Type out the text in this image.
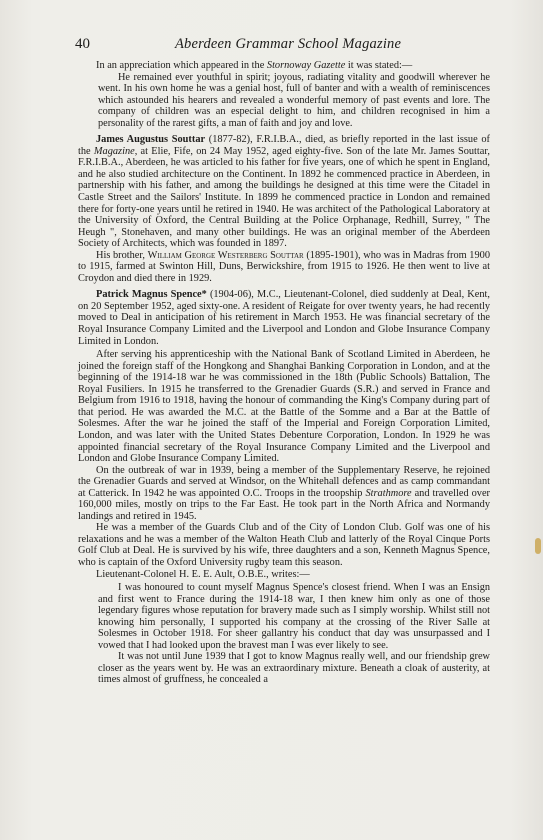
40	Aberdeen Grammar School Magazine

In an appreciation which appeared in the Stornoway Gazette it was stated:—

He remained ever youthful in spirit; joyous, radiating vitality and goodwill wherever he went. In his own home he was a genial host, full of banter and with a wealth of reminiscences which astounded his hearers and revealed a wonderful memory of past events and lore. The company of children was an especial delight to him, and children recognised in him a personality of the rarest gifts, a man of faith and joy and love.

James Augustus Souttar (1877-82), F.R.I.B.A., died, as briefly reported in the last issue of the Magazine, at Elie, Fife, on 24 May 1952, aged eighty-five. Son of the late Mr. James Souttar, F.R.I.B.A., Aberdeen, he was articled to his father for five years, one of which he spent in England, and he also studied architecture on the Continent. In 1892 he commenced practice in Aberdeen, in partnership with his father, and among the buildings he designed at this time were the Citadel in Castle Street and the Sailors' Institute. In 1899 he commenced practice in London and remained there for forty-one years until he retired in 1940. He was architect of the Pathological Laboratory at the University of Oxford, the Central Building at the Police Orphanage, Redhill, Surrey, " The Heugh ", Stonehaven, and many other buildings. He was an original member of the Aberdeen Society of Architects, which was founded in 1897.

His brother, William George Westerberg Souttar (1895-1901), who was in Madras from 1900 to 1915, farmed at Swinton Hill, Duns, Berwickshire, from 1915 to 1926. He then went to live at Croydon and died there in 1929.

Patrick Magnus Spence* (1904-06), M.C., Lieutenant-Colonel, died suddenly at Deal, Kent, on 20 September 1952, aged sixty-one. A resident of Reigate for over twenty years, he had recently moved to Deal in anticipation of his retirement in March 1953. He was financial secretary of the Royal Insurance Company Limited and the Liverpool and London and Globe Insurance Company Limited in London.

After serving his apprenticeship with the National Bank of Scotland Limited in Aberdeen, he joined the foreign staff of the Hongkong and Shanghai Banking Corporation in London, and at the beginning of the 1914-18 war he was commissioned in the 18th (Public Schools) Battalion, The Royal Fusiliers. In 1915 he transferred to the Grenadier Guards (S.R.) and served in France and Belgium from 1916 to 1918, having the honour of commanding the King's Company during part of that period. He was awarded the M.C. at the Battle of the Somme and a Bar at the Battle of Solesmes. After the war he joined the staff of the Imperial and Foreign Corporation Limited, London, and was later with the United States Debenture Corporation, London. In 1929 he was appointed financial secretary of the Royal Insurance Company Limited and the Liverpool and London and Globe Insurance Company Limited.

On the outbreak of war in 1939, being a member of the Supplementary Reserve, he rejoined the Grenadier Guards and served at Windsor, on the Whitehall defences and as camp commandant at Catterick. In 1942 he was appointed O.C. Troops in the troopship Strathmore and travelled over 160,000 miles, mostly on trips to the Far East. He took part in the North Africa and Normandy landings and retired in 1945.

He was a member of the Guards Club and of the City of London Club. Golf was one of his relaxations and he was a member of the Walton Heath Club and latterly of the Royal Cinque Ports Golf Club at Deal. He is survived by his wife, three daughters and a son, Kenneth Magnus Spence, who is captain of the Oxford University rugby team this season.

Lieutenant-Colonel H. E. E. Ault, O.B.E., writes:—

I was honoured to count myself Magnus Spence's closest friend. When I was an Ensign and first went to France during the 1914-18 war, I then knew him only as one of those legendary figures whose reputation for bravery made such as I simply worship. Whilst still not knowing him personally, I supported his company at the crossing of the River Salle at Solesmes in October 1918. For sheer gallantry his conduct that day was unsurpassed and I vowed that I had looked upon the bravest man I was ever likely to see.

It was not until June 1939 that I got to know Magnus really well, and our friendship grew closer as the years went by. He was an extraordinary mixture. Beneath a cloak of austerity, at times almost of gruffness, he concealed a
